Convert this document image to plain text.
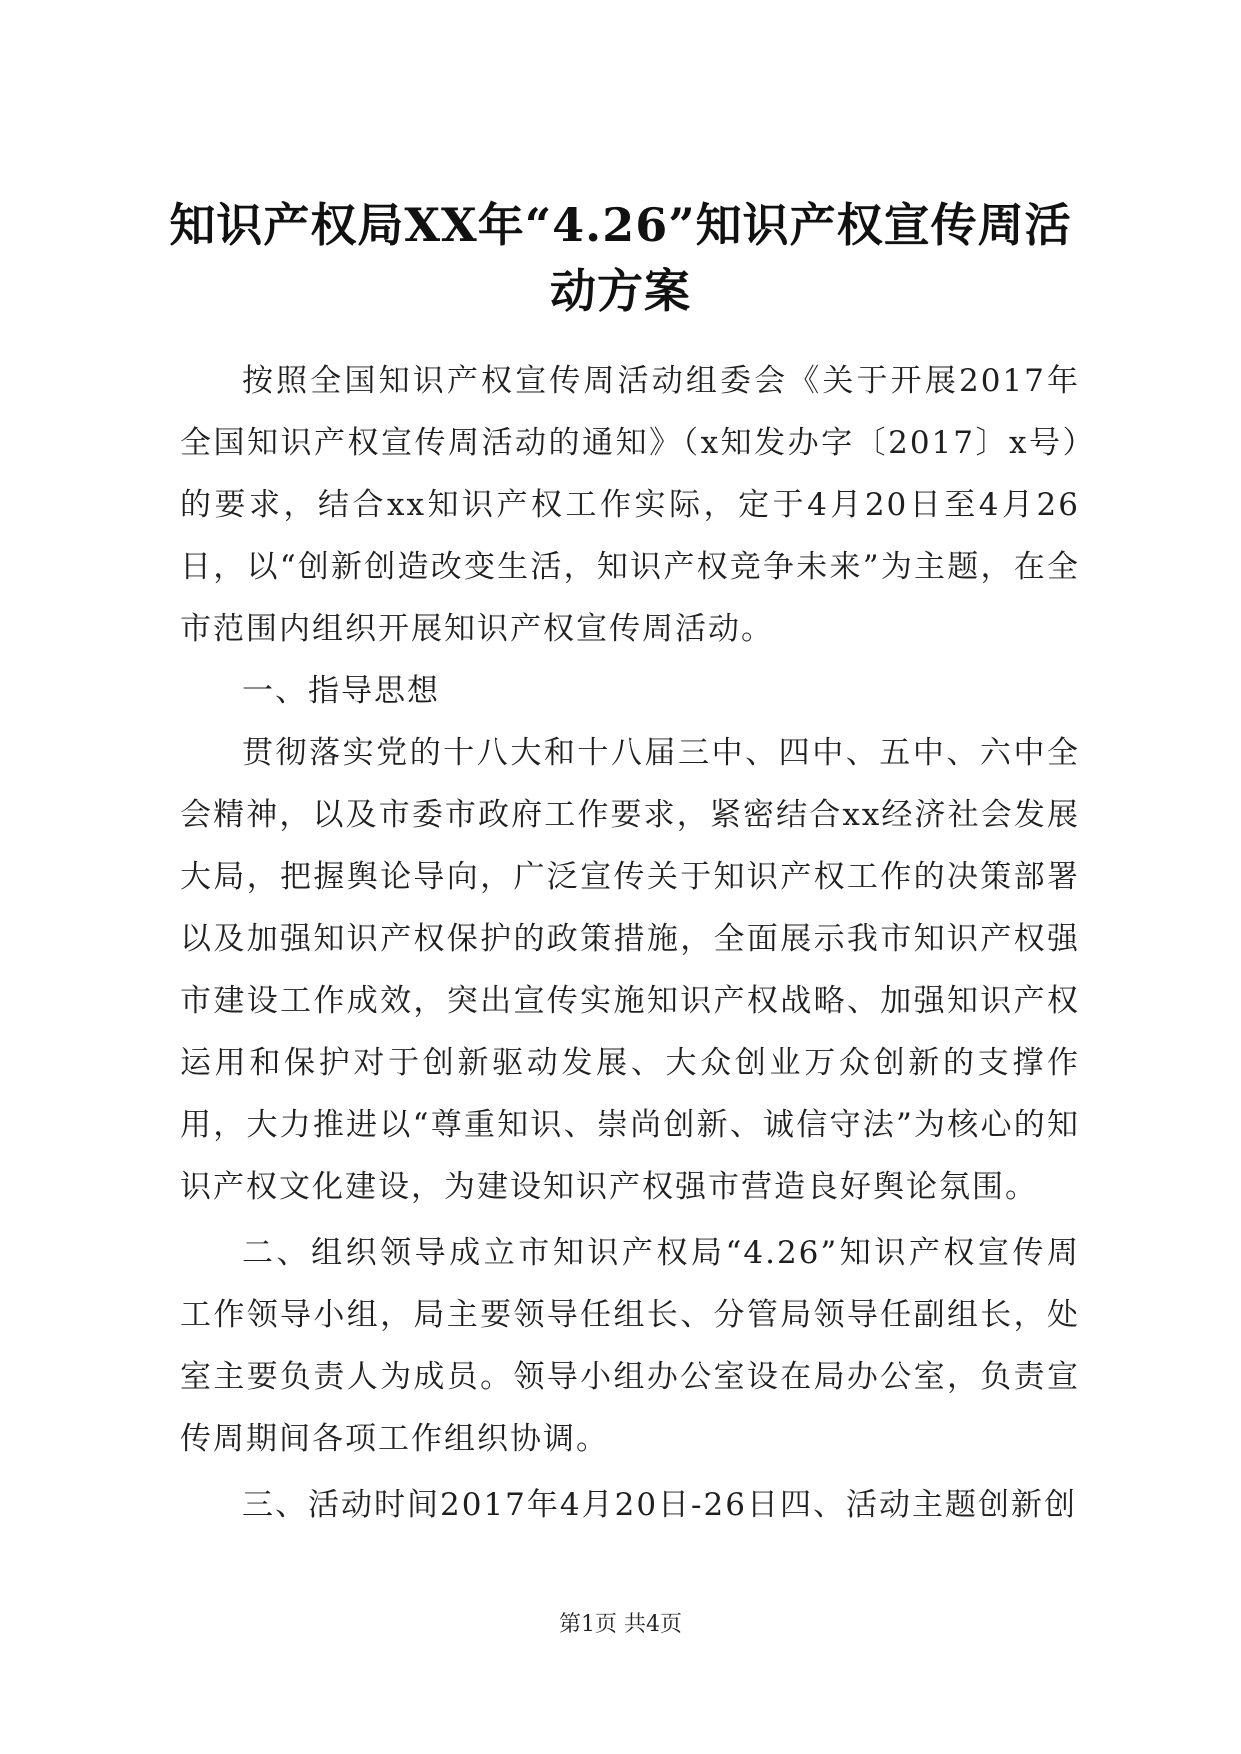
知识产权局XX年“4.26”知识产权宣传周活动方案

按照全国知识产权宣传周活动组委会《关于开展2017年全国知识产权宣传周活动的通知》（x知发办字〔2017〕x号）的要求，结合xx知识产权工作实际，定于4月20日至4月26日，以“创新创造改变生活，知识产权竞争未来”为主题，在全市范围内组织开展知识产权宣传周活动。

一、指导思想

贯彻落实党的十八大和十八届三中、四中、五中、六中全会精神，以及市委市政府工作要求，紧密结合xx经济社会发展大局，把握舆论导向，广泛宣传关于知识产权工作的决策部署以及加强知识产权保护的政策措施，全面展示我市知识产权强市建设工作成效，突出宣传实施知识产权战略、加强知识产权运用和保护对于创新驱动发展、大众创业万众创新的支撑作用，大力推进以“尊重知识、崇尚创新、诚信守法”为核心的知识产权文化建设，为建设知识产权强市营造良好舆论氛围。

二、组织领导成立市知识产权局“4.26”知识产权宣传周工作领导小组，局主要领导任组长、分管局领导任副组长，处室主要负责人为成员。领导小组办公室设在局办公室，负责宣传周期间各项工作组织协调。

三、活动时间2017年4月20日-26日四、活动主题创新创

第1页 共4页
